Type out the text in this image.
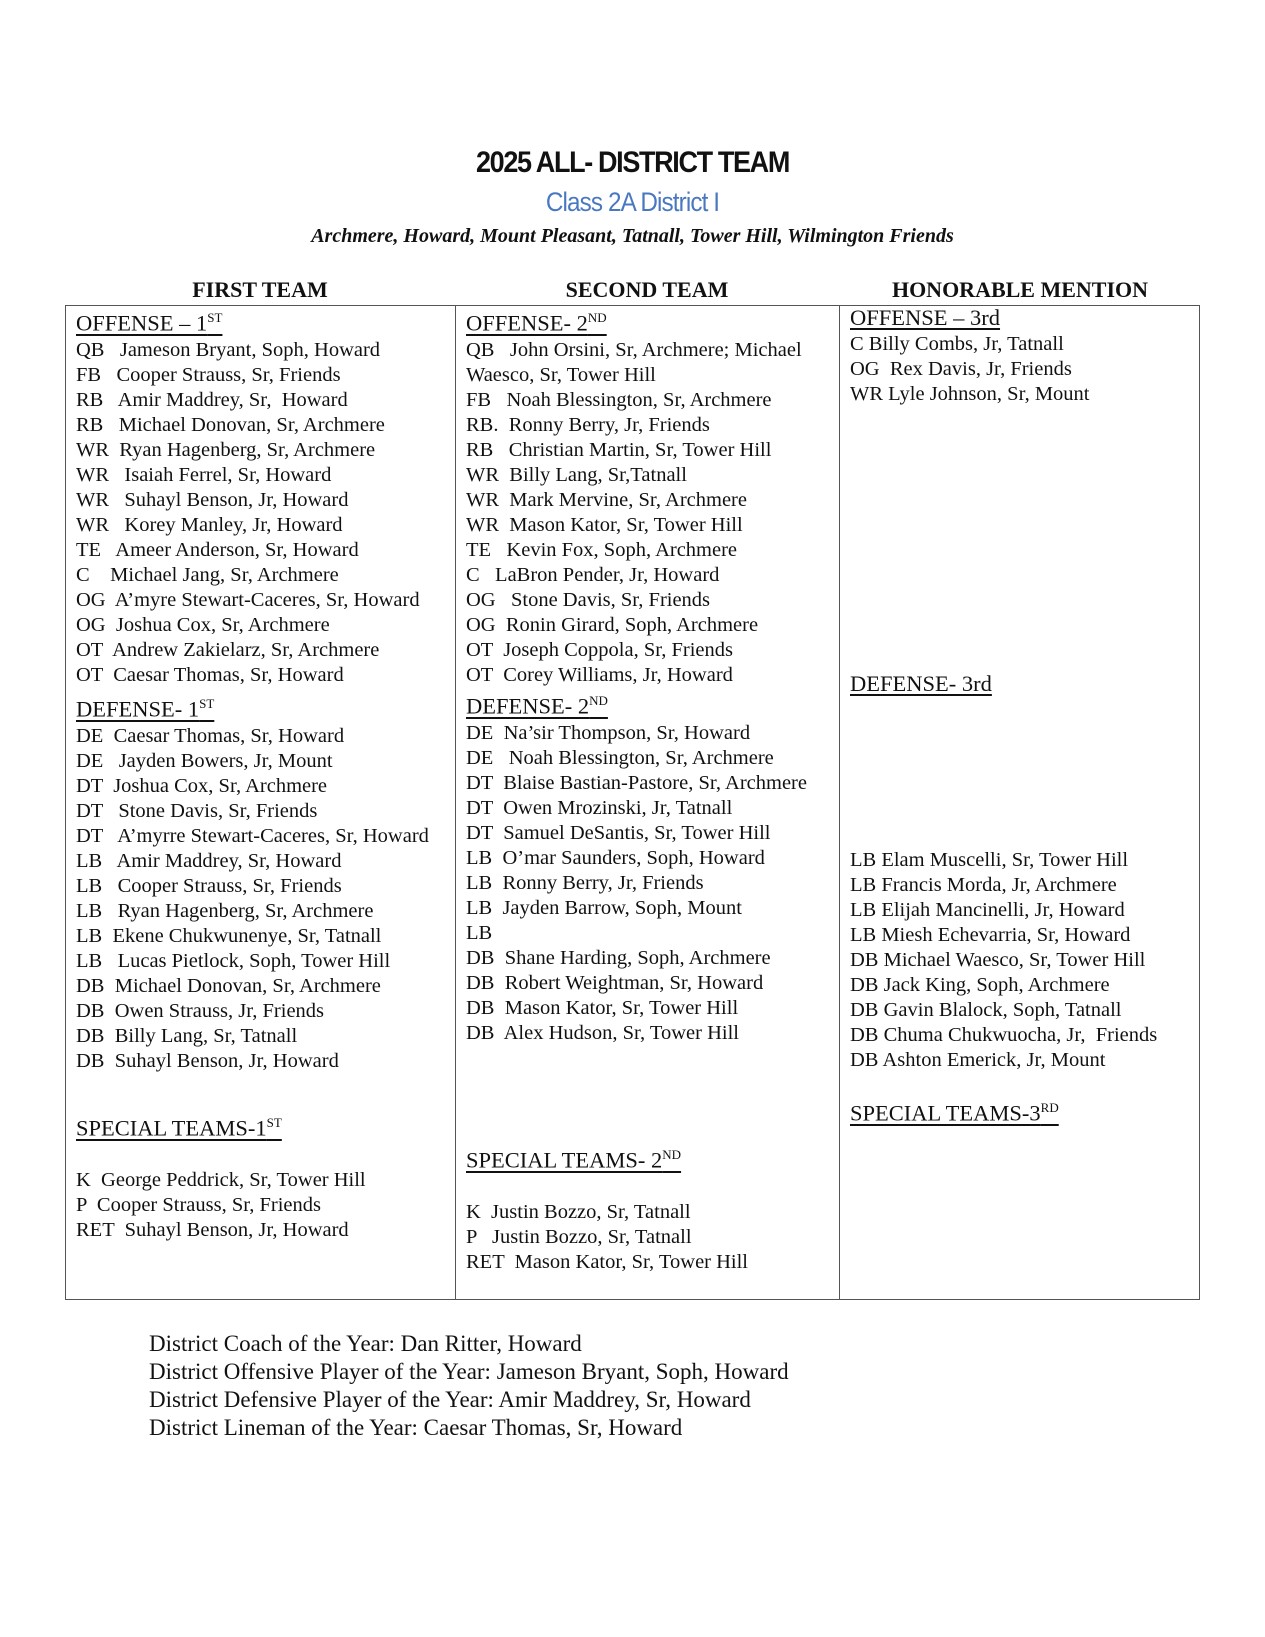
2025 ALL- DISTRICT TEAM
Class 2A District I
Archmere, Howard, Mount Pleasant, Tatnall, Tower Hill, Wilmington Friends
FIRST TEAM	SECOND TEAM	HONORABLE MENTION
OFFENSE – 1ST
QB   Jameson Bryant, Soph, Howard
FB   Cooper Strauss, Sr, Friends
RB   Amir Maddrey, Sr,  Howard
RB   Michael Donovan, Sr, Archmere
WR  Ryan Hagenberg, Sr, Archmere
WR   Isaiah Ferrel, Sr, Howard
WR   Suhayl Benson, Jr, Howard
WR   Korey Manley, Jr, Howard
TE   Ameer Anderson, Sr, Howard
C    Michael Jang, Sr, Archmere
OG  A’myre Stewart-Caceres, Sr, Howard
OG  Joshua Cox, Sr, Archmere
OT  Andrew Zakielarz, Sr, Archmere
OT  Caesar Thomas, Sr, Howard
DEFENSE- 1ST
DE  Caesar Thomas, Sr, Howard
DE   Jayden Bowers, Jr, Mount
DT  Joshua Cox, Sr, Archmere
DT   Stone Davis, Sr, Friends
DT   A’myrre Stewart-Caceres, Sr, Howard
LB   Amir Maddrey, Sr, Howard
LB   Cooper Strauss, Sr, Friends
LB   Ryan Hagenberg, Sr, Archmere
LB  Ekene Chukwunenye, Sr, Tatnall
LB   Lucas Pietlock, Soph, Tower Hill
DB  Michael Donovan, Sr, Archmere
DB  Owen Strauss, Jr, Friends
DB  Billy Lang, Sr, Tatnall
DB  Suhayl Benson, Jr, Howard
SPECIAL TEAMS-1ST
K  George Peddrick, Sr, Tower Hill
P  Cooper Strauss, Sr, Friends
RET  Suhayl Benson, Jr, Howard
OFFENSE- 2ND
QB   John Orsini, Sr, Archmere; Michael Waesco, Sr, Tower Hill
FB   Noah Blessington, Sr, Archmere
RB.  Ronny Berry, Jr, Friends
RB   Christian Martin, Sr, Tower Hill
WR  Billy Lang, Sr,Tatnall
WR  Mark Mervine, Sr, Archmere
WR  Mason Kator, Sr, Tower Hill
TE   Kevin Fox, Soph, Archmere
C   LaBron Pender, Jr, Howard
OG   Stone Davis, Sr, Friends
OG  Ronin Girard, Soph, Archmere
OT  Joseph Coppola, Sr, Friends
OT  Corey Williams, Jr, Howard
DEFENSE- 2ND
DE  Na’sir Thompson, Sr, Howard
DE   Noah Blessington, Sr, Archmere
DT  Blaise Bastian-Pastore, Sr, Archmere
DT  Owen Mrozinski, Jr, Tatnall
DT  Samuel DeSantis, Sr, Tower Hill
LB  O’mar Saunders, Soph, Howard
LB  Ronny Berry, Jr, Friends
LB  Jayden Barrow, Soph, Mount
LB
DB  Shane Harding, Soph, Archmere
DB  Robert Weightman, Sr, Howard
DB  Mason Kator, Sr, Tower Hill
DB  Alex Hudson, Sr, Tower Hill
SPECIAL TEAMS- 2ND
K  Justin Bozzo, Sr, Tatnall
P   Justin Bozzo, Sr, Tatnall
RET  Mason Kator, Sr, Tower Hill
OFFENSE – 3rd
C Billy Combs, Jr, Tatnall
OG  Rex Davis, Jr, Friends
WR Lyle Johnson, Sr, Mount
DEFENSE- 3rd
LB Elam Muscelli, Sr, Tower Hill
LB Francis Morda, Jr, Archmere
LB Elijah Mancinelli, Jr, Howard
LB Miesh Echevarria, Sr, Howard
DB Michael Waesco, Sr, Tower Hill
DB Jack King, Soph, Archmere
DB Gavin Blalock, Soph, Tatnall
DB Chuma Chukwuocha, Jr,  Friends
DB Ashton Emerick, Jr, Mount
SPECIAL TEAMS-3RD
District Coach of the Year: Dan Ritter, Howard
District Offensive Player of the Year: Jameson Bryant, Soph, Howard
District Defensive Player of the Year: Amir Maddrey, Sr, Howard
District Lineman of the Year: Caesar Thomas, Sr, Howard
